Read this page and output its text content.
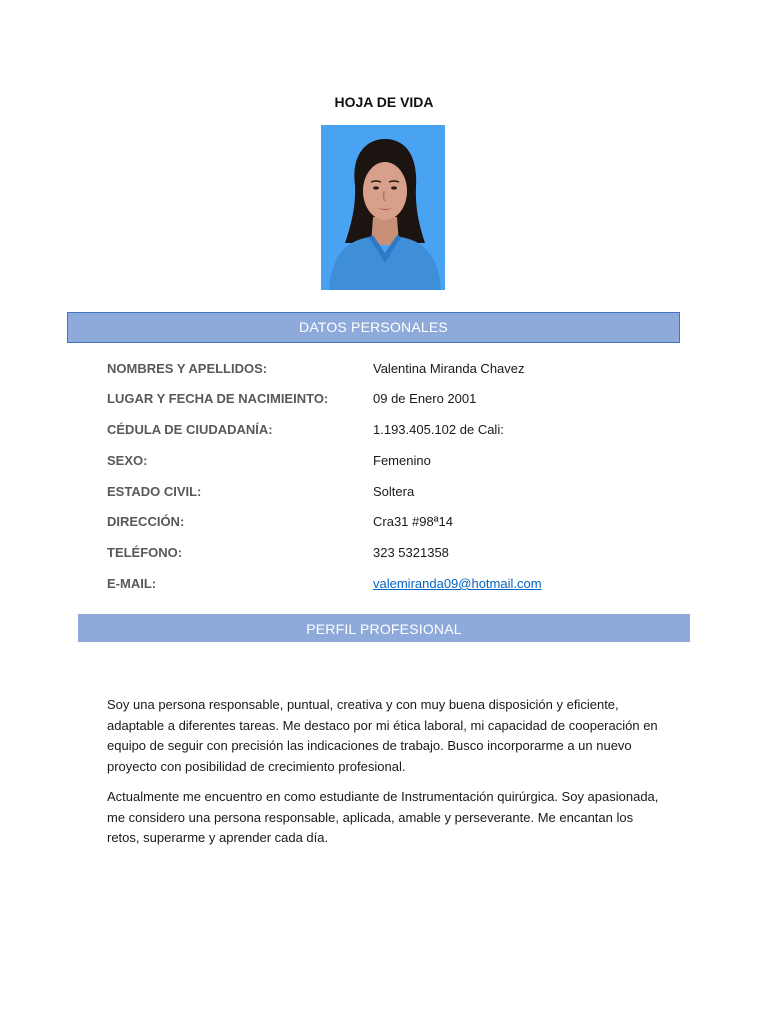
HOJA DE VIDA
DATOS PERSONALES
NOMBRES Y APELLIDOS:	Valentina Miranda Chavez
LUGAR Y FECHA DE NACIMIEINTO:	09 de Enero 2001
CÉDULA DE CIUDADANÍA:	1.193.405.102 de Cali:
SEXO:	Femenino
ESTADO CIVIL:	Soltera
DIRECCIÓN:	Cra31 #98ª14
TELÉFONO:	323 5321358
E-MAIL:	valemiranda09@hotmail.com
PERFIL PROFESIONAL

Soy una persona responsable, puntual, creativa y con muy buena disposición y eficiente, adaptable a diferentes tareas. Me destaco por mi ética laboral, mi capacidad de cooperación en equipo de seguir con precisión las indicaciones de trabajo. Busco incorporarme a un nuevo proyecto con posibilidad de crecimiento profesional.

Actualmente me encuentro en como estudiante de Instrumentación quirúrgica. Soy apasionada, me considero una persona responsable, aplicada, amable y perseverante. Me encantan los retos, superarme y aprender cada día.
